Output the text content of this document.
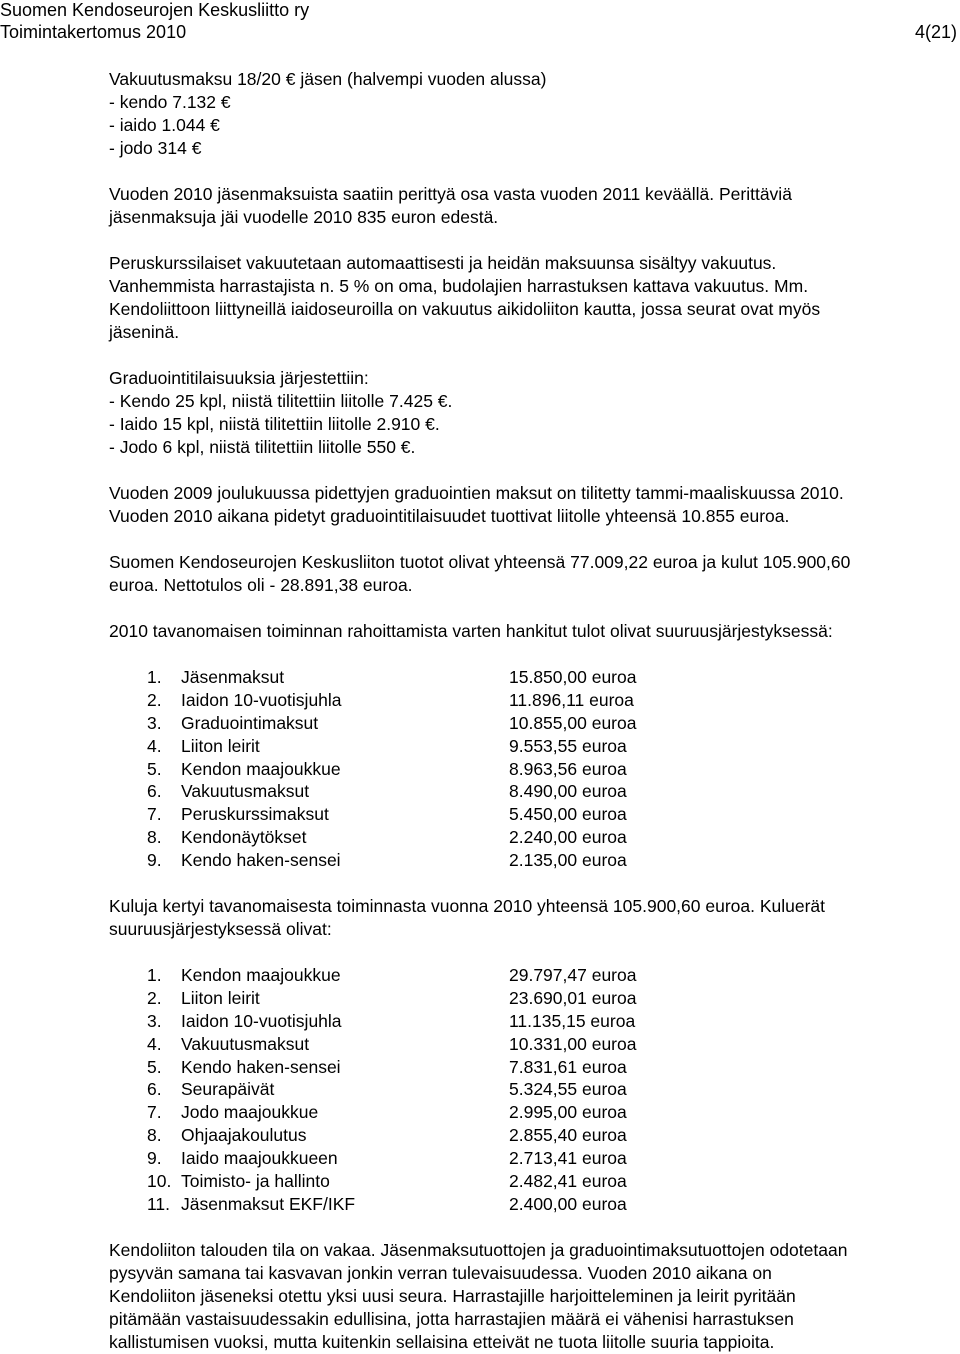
Suomen Kendoseurojen Keskusliitto ry
Toimintakertomus 2010	4(21)
Vakuutusmaksu 18/20 € jäsen (halvempi vuoden alussa)
- kendo 7.132 €
- iaido 1.044 €
- jodo 314 €
Vuoden 2010 jäsenmaksuista saatiin perittyä osa vasta vuoden 2011 keväällä. Perittäviä
jäsenmaksuja jäi vuodelle 2010 835 euron edestä.
Peruskurssilaiset vakuutetaan automaattisesti ja heidän maksuunsa sisältyy vakuutus.
Vanhemmista harrastajista n. 5 % on oma, budolajien harrastuksen kattava vakuutus. Mm.
Kendoliittoon liittyneillä iaidoseuroilla on vakuutus aikidoliiton kautta, jossa seurat ovat myös
jäseninä.
Graduointitilaisuuksia järjestettiin:
- Kendo 25 kpl, niistä tilitettiin liitolle 7.425 €.
- Iaido 15 kpl, niistä tilitettiin liitolle 2.910 €.
- Jodo 6 kpl, niistä tilitettiin liitolle 550 €.
Vuoden 2009 joulukuussa pidettyjen graduointien maksut on tilitetty tammi-maaliskuussa 2010.
Vuoden 2010 aikana pidetyt graduointitilaisuudet tuottivat liitolle yhteensä 10.855 euroa.
Suomen Kendoseurojen Keskusliiton tuotot olivat yhteensä 77.009,22 euroa ja kulut 105.900,60
euroa. Nettotulos oli - 28.891,38 euroa.
2010 tavanomaisen toiminnan rahoittamista varten hankitut tulot olivat suuruusjärjestyksessä:
1. Jäsenmaksut	15.850,00 euroa
2. Iaidon 10-vuotisjuhla	11.896,11 euroa
3. Graduointimaksut	10.855,00 euroa
4. Liiton leirit	9.553,55 euroa
5. Kendon maajoukkue	8.963,56 euroa
6. Vakuutusmaksut	8.490,00 euroa
7. Peruskurssimaksut	5.450,00 euroa
8. Kendonäytökset	2.240,00 euroa
9. Kendo haken-sensei	2.135,00 euroa
Kuluja kertyi tavanomaisesta toiminnasta vuonna 2010 yhteensä 105.900,60 euroa. Kuluerät
suuruusjärjestyksessä olivat:
1. Kendon maajoukkue	29.797,47 euroa
2. Liiton leirit	23.690,01 euroa
3. Iaidon 10-vuotisjuhla	11.135,15 euroa
4. Vakuutusmaksut	10.331,00 euroa
5. Kendo haken-sensei	7.831,61 euroa
6. Seurapäivät	5.324,55 euroa
7. Jodo maajoukkue	2.995,00 euroa
8. Ohjaajakoulutus	2.855,40 euroa
9. Iaido maajoukkueen	2.713,41 euroa
10. Toimisto- ja hallinto	2.482,41 euroa
11. Jäsenmaksut EKF/IKF	2.400,00 euroa
Kendoliiton talouden tila on vakaa. Jäsenmaksutuottojen ja graduointimaksutuottojen odotetaan
pysyvän samana tai kasvavan jonkin verran tulevaisuudessa. Vuoden 2010 aikana on
Kendoliiton jäseneksi otettu yksi uusi seura. Harrastajille harjoitteleminen ja leirit pyritään
pitämään vastaisuudessakin edullisina, jotta harrastajien määrä ei vähenisi harrastuksen
kallistumisen vuoksi, mutta kuitenkin sellaisina etteivät ne tuota liitolle suuria tappioita.
